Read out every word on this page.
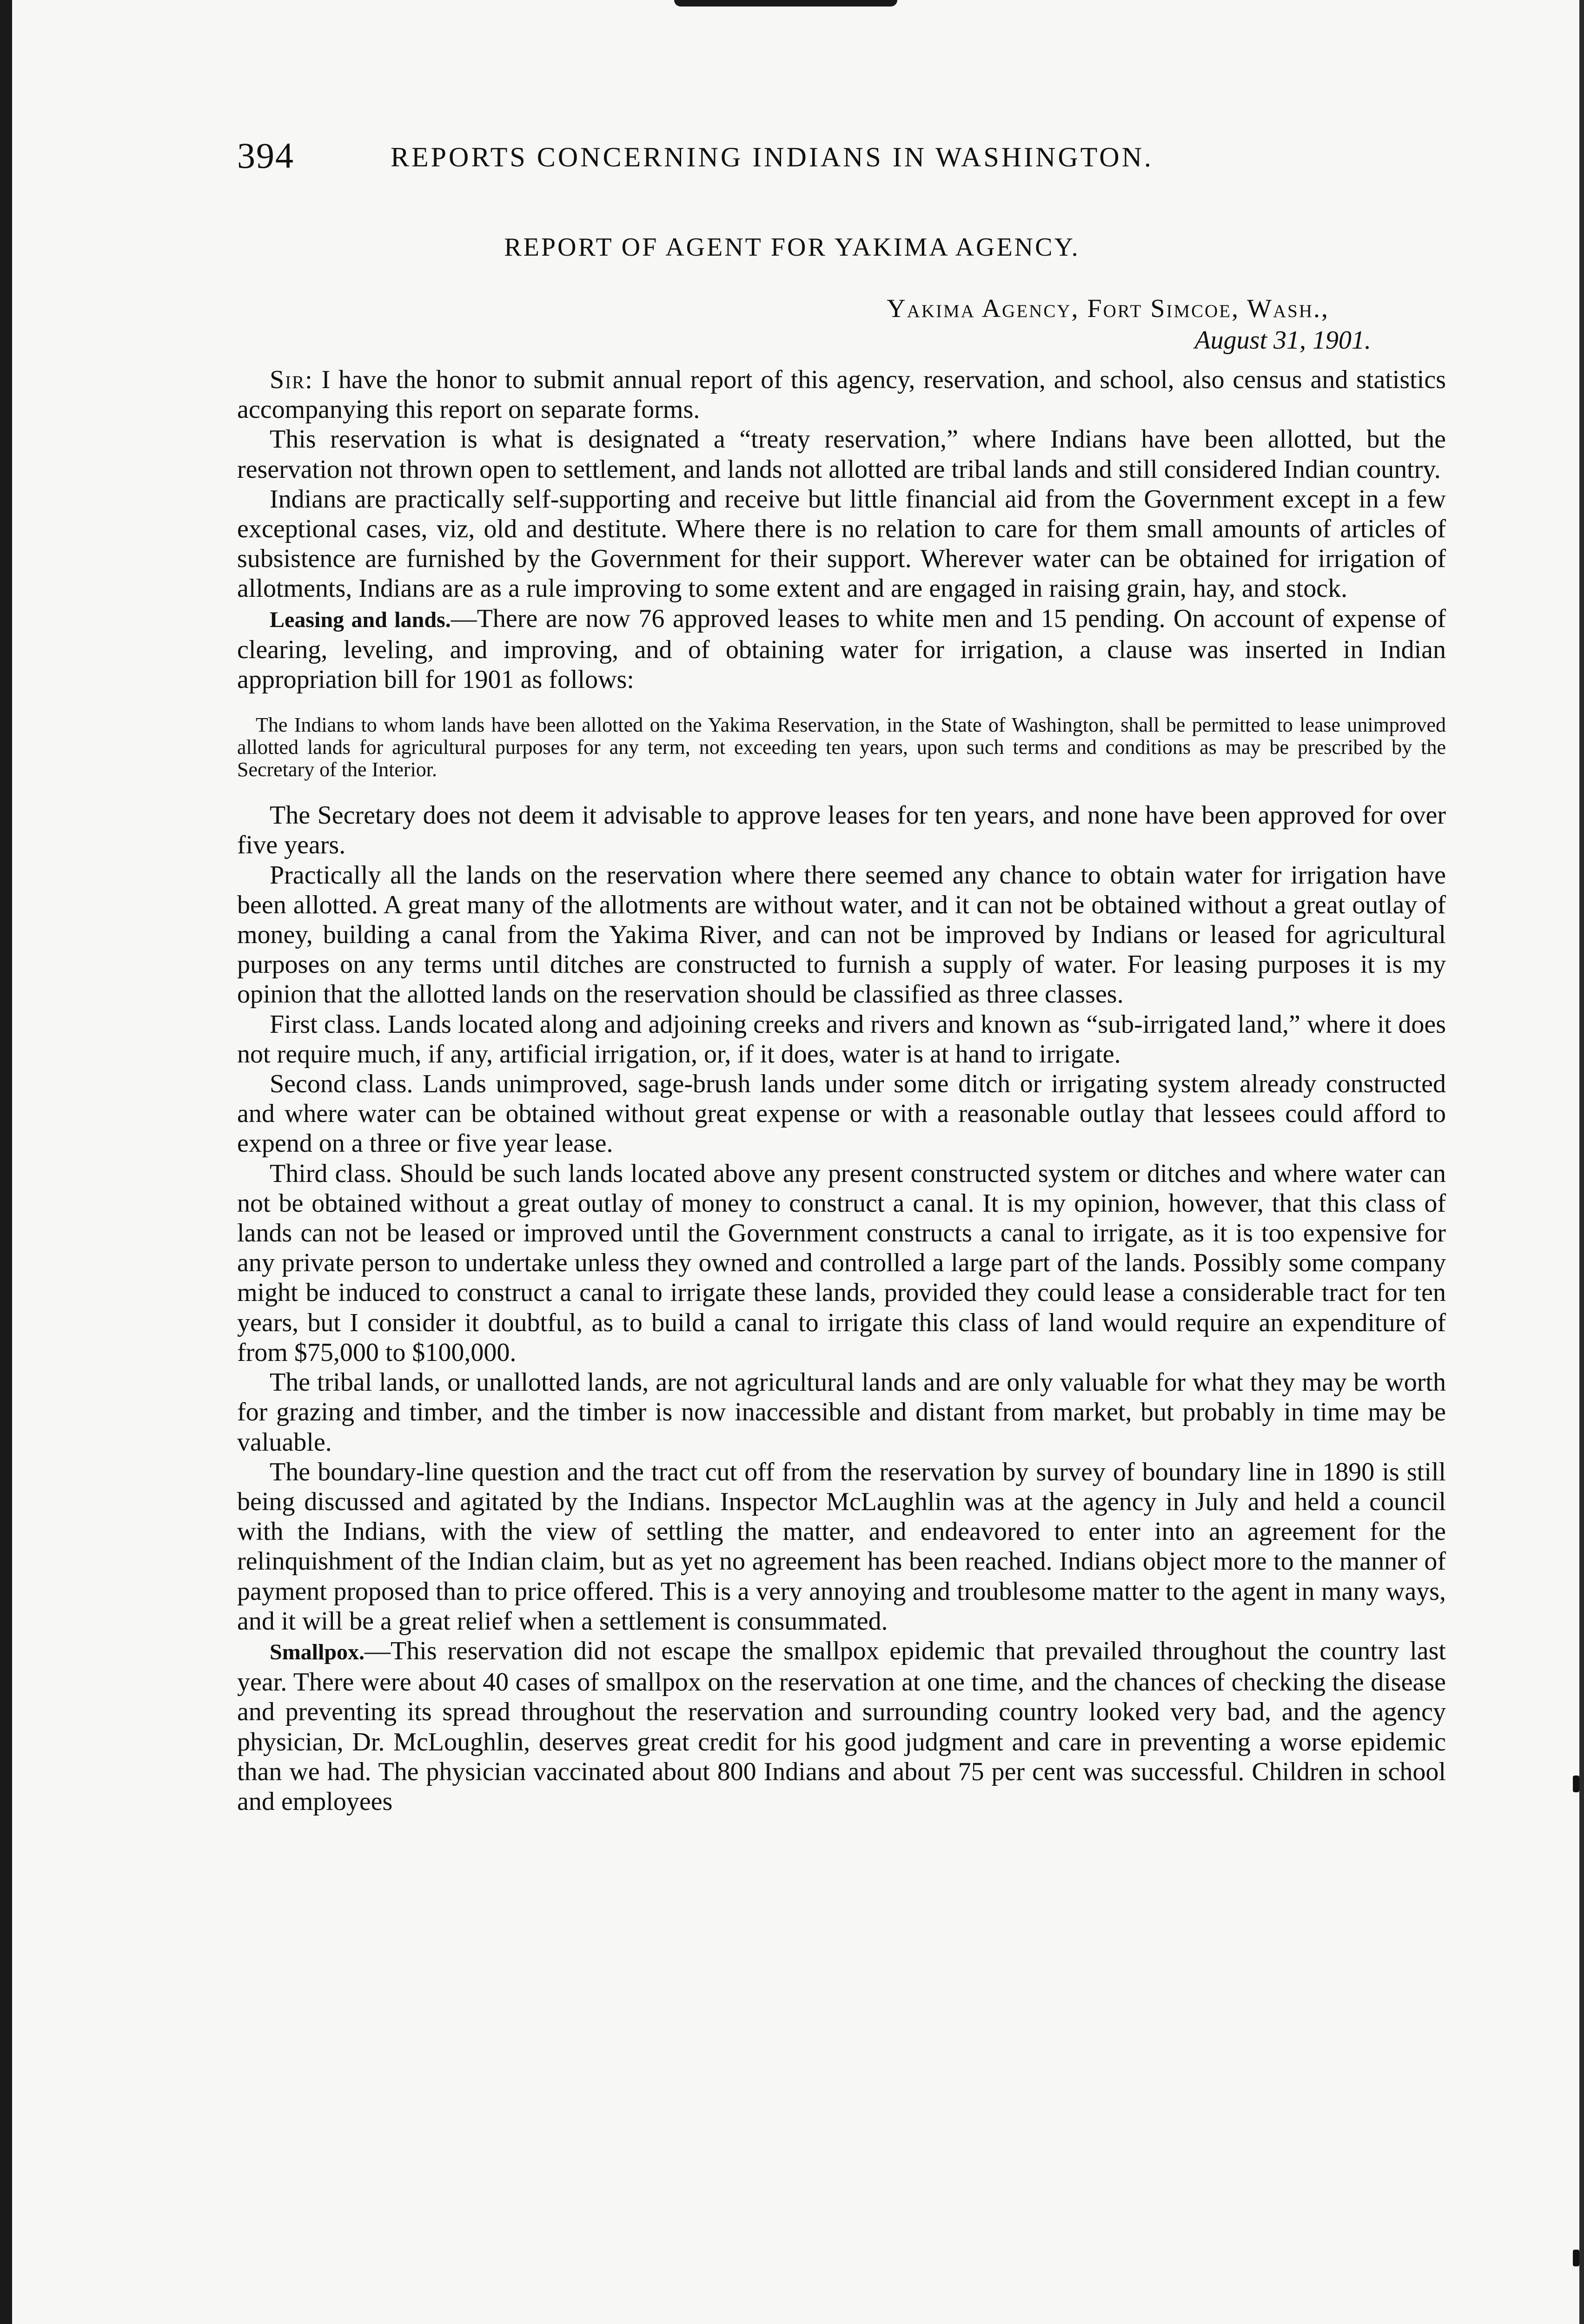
394	REPORTS CONCERNING INDIANS IN WASHINGTON.
REPORT OF AGENT FOR YAKIMA AGENCY.
Yakima Agency, Fort Simcoe, Wash.,
August 31, 1901.

Sir: I have the honor to submit annual report of this agency, reservation, and school, also census and statistics accompanying this report on separate forms.

This reservation is what is designated a “treaty reservation,” where Indians have been allotted, but the reservation not thrown open to settlement, and lands not allotted are tribal lands and still considered Indian country.

Indians are practically self-supporting and receive but little financial aid from the Government except in a few exceptional cases, viz, old and destitute. Where there is no relation to care for them small amounts of articles of subsistence are furnished by the Government for their support. Wherever water can be obtained for irrigation of allotments, Indians are as a rule improving to some extent and are engaged in raising grain, hay, and stock.

Leasing and lands.—There are now 76 approved leases to white men and 15 pending. On account of expense of clearing, leveling, and improving, and of obtaining water for irrigation, a clause was inserted in Indian appropriation bill for 1901 as follows:

The Indians to whom lands have been allotted on the Yakima Reservation, in the State of Washington, shall be permitted to lease unimproved allotted lands for agricultural purposes for any term, not exceeding ten years, upon such terms and conditions as may be prescribed by the Secretary of the Interior.

The Secretary does not deem it advisable to approve leases for ten years, and none have been approved for over five years.

Practically all the lands on the reservation where there seemed any chance to obtain water for irrigation have been allotted. A great many of the allotments are without water, and it can not be obtained without a great outlay of money, building a canal from the Yakima River, and can not be improved by Indians or leased for agricultural purposes on any terms until ditches are constructed to furnish a supply of water. For leasing purposes it is my opinion that the allotted lands on the reservation should be classified as three classes.

First class. Lands located along and adjoining creeks and rivers and known as “sub-irrigated land,” where it does not require much, if any, artificial irrigation, or, if it does, water is at hand to irrigate.

Second class. Lands unimproved, sage-brush lands under some ditch or irrigating system already constructed and where water can be obtained without great expense or with a reasonable outlay that lessees could afford to expend on a three or five year lease.

Third class. Should be such lands located above any present constructed system or ditches and where water can not be obtained without a great outlay of money to construct a canal. It is my opinion, however, that this class of lands can not be leased or improved until the Government constructs a canal to irrigate, as it is too expensive for any private person to undertake unless they owned and controlled a large part of the lands. Possibly some company might be induced to construct a canal to irrigate these lands, provided they could lease a considerable tract for ten years, but I consider it doubtful, as to build a canal to irrigate this class of land would require an expenditure of from $75,000 to $100,000.

The tribal lands, or unallotted lands, are not agricultural lands and are only valuable for what they may be worth for grazing and timber, and the timber is now inaccessible and distant from market, but probably in time may be valuable.

The boundary-line question and the tract cut off from the reservation by survey of boundary line in 1890 is still being discussed and agitated by the Indians. Inspector McLaughlin was at the agency in July and held a council with the Indians, with the view of settling the matter, and endeavored to enter into an agreement for the relinquishment of the Indian claim, but as yet no agreement has been reached. Indians object more to the manner of payment proposed than to price offered. This is a very annoying and troublesome matter to the agent in many ways, and it will be a great relief when a settlement is consummated.

Smallpox.—This reservation did not escape the smallpox epidemic that prevailed throughout the country last year. There were about 40 cases of smallpox on the reservation at one time, and the chances of checking the disease and preventing its spread throughout the reservation and surrounding country looked very bad, and the agency physician, Dr. McLoughlin, deserves great credit for his good judgment and care in preventing a worse epidemic than we had. The physician vaccinated about 800 Indians and about 75 per cent was successful. Children in school and employees
